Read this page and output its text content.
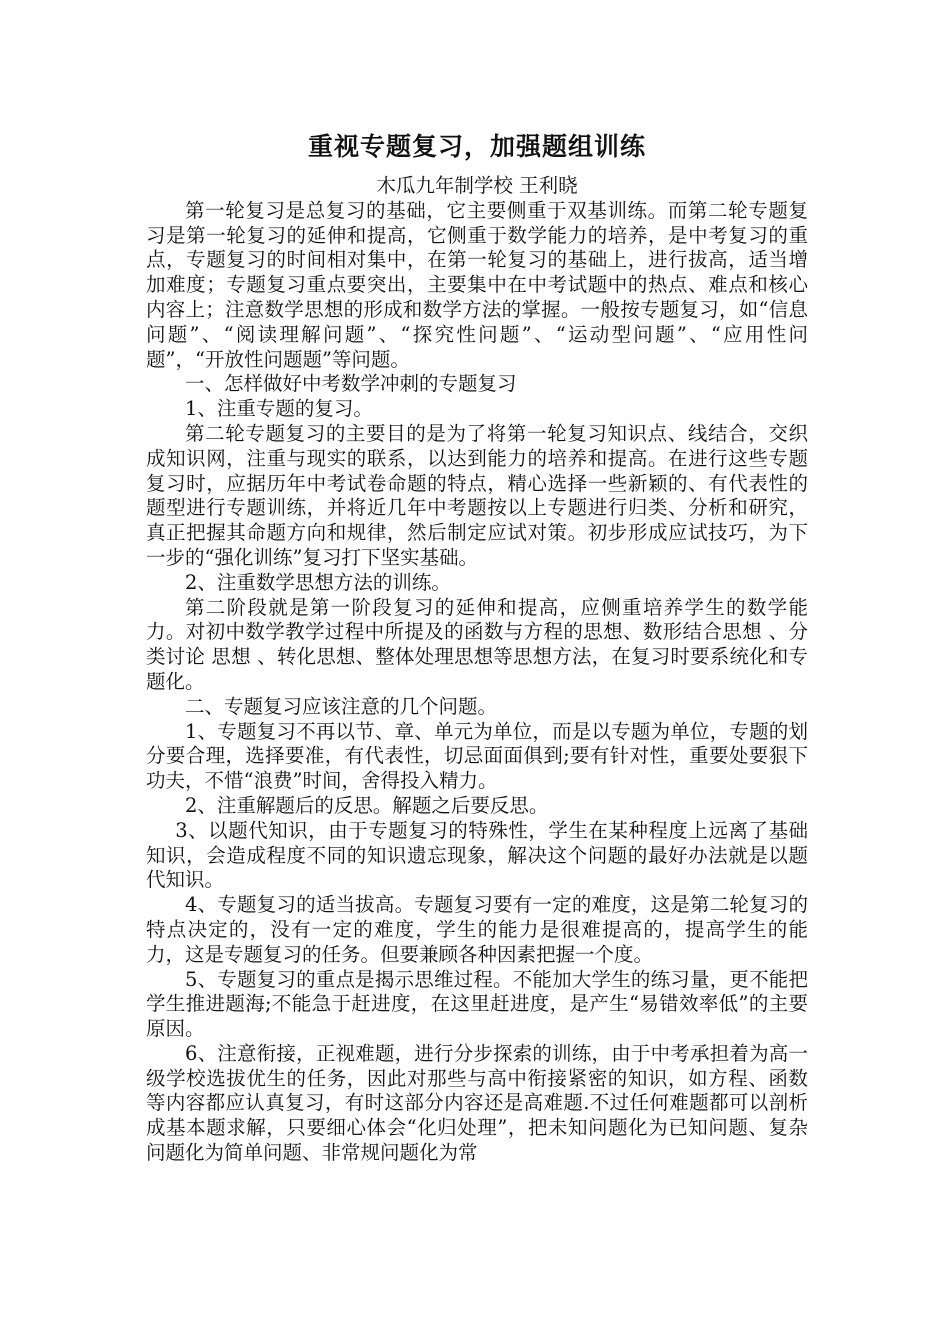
重视专题复习，加强题组训练

木瓜九年制学校 王利晓

第一轮复习是总复习的基础，它主要侧重于双基训练。而第二轮专题复习是第一轮复习的延伸和提高，它侧重于数学能力的培养，是中考复习的重点，专题复习的时间相对集中，在第一轮复习的基础上，进行拔高，适当增加难度；专题复习重点要突出，主要集中在中考试题中的热点、难点和核心内容上；注意数学思想的形成和数学方法的掌握。一般按专题复习，如“信息问题”、“阅读理解问题”、“探究性问题”、“运动型问题”、“应用性问题”，“开放性问题题”等问题。

一、怎样做好中考数学冲刺的专题复习

1、注重专题的复习。

第二轮专题复习的主要目的是为了将第一轮复习知识点、线结合，交织成知识网，注重与现实的联系，以达到能力的培养和提高。在进行这些专题复习时，应据历年中考试卷命题的特点，精心选择一些新颖的、有代表性的题型进行专题训练，并将近几年中考题按以上专题进行归类、分析和研究，真正把握其命题方向和规律，然后制定应试对策。初步形成应试技巧，为下一步的“强化训练”复习打下坚实基础。

2、注重数学思想方法的训练。

第二阶段就是第一阶段复习的延伸和提高，应侧重培养学生的数学能力。对初中数学教学过程中所提及的函数与方程的思想、数形结合思想 、分类讨论 思想 、转化思想、整体处理思想等思想方法，在复习时要系统化和专题化。

二、专题复习应该注意的几个问题。

1、专题复习不再以节、章、单元为单位，而是以专题为单位，专题的划分要合理，选择要准，有代表性，切忌面面俱到;要有针对性，重要处要狠下功夫，不惜“浪费”时间，舍得投入精力。

2、注重解题后的反思。解题之后要反思。

3、以题代知识，由于专题复习的特殊性，学生在某种程度上远离了基础知识，会造成程度不同的知识遗忘现象，解决这个问题的最好办法就是以题代知识。

4、专题复习的适当拔高。专题复习要有一定的难度，这是第二轮复习的特点决定的，没有一定的难度，学生的能力是很难提高的，提高学生的能力，这是专题复习的任务。但要兼顾各种因素把握一个度。

5、专题复习的重点是揭示思维过程。不能加大学生的练习量，更不能把学生推进题海;不能急于赶进度，在这里赶进度，是产生“易错效率低”的主要原因。

6、注意衔接，正视难题，进行分步探索的训练，由于中考承担着为高一级学校选拔优生的任务，因此对那些与高中衔接紧密的知识，如方程、函数等内容都应认真复习，有时这部分内容还是高难题.不过任何难题都可以剖析成基本题求解，只要细心体会“化归处理”，把未知问题化为已知问题、复杂问题化为简单问题、非常规问题化为常
